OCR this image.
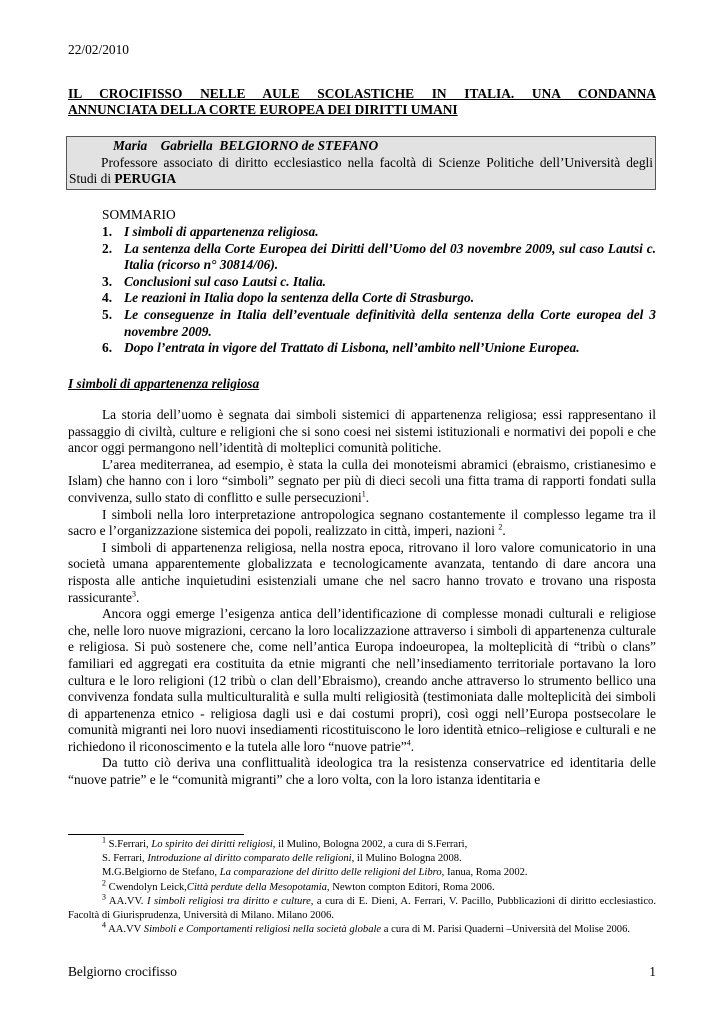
22/02/2010
IL CROCIFISSO NELLE AULE SCOLASTICHE IN ITALIA. UNA CONDANNA
ANNUNCIATA DELLA CORTE EUROPEA DEI DIRITTI UMANI
Maria    Gabriella  BELGIORNO de STEFANO
Professore associato di diritto ecclesiastico nella facoltà di Scienze Politiche dell’Università degli Studi di PERUGIA
SOMMARIO
1. I simboli di appartenenza religiosa.
2. La sentenza della Corte Europea dei Diritti dell’Uomo del 03 novembre 2009, sul caso Lautsi c. Italia (ricorso n° 30814/06).
3. Conclusioni sul caso Lautsi c. Italia.
4. Le reazioni in Italia dopo la sentenza della Corte di Strasburgo.
5. Le conseguenze in Italia dell’eventuale definitività della sentenza della Corte europea del 3 novembre 2009.
6. Dopo l’entrata in vigore del Trattato di Lisbona, nell’ambito nell’Unione Europea.
I simboli di appartenenza religiosa

La storia dell’uomo è segnata dai simboli sistemici di appartenenza religiosa; essi rappresentano il passaggio di civiltà, culture e religioni che si sono coesi nei sistemi istituzionali e normativi dei popoli e che ancor oggi permangono nell’identità di molteplici comunità politiche.

L’area mediterranea, ad esempio, è stata la culla dei monoteismi abramici (ebraismo, cristianesimo e Islam) che hanno con i loro “simboli” segnato per più di dieci secoli una fitta trama di rapporti fondati sulla convivenza, sullo stato di conflitto e sulle persecuzioni$^1$.

I simboli nella loro interpretazione antropologica segnano costantemente il complesso legame tra il sacro e l’organizzazione sistemica dei popoli, realizzato in città, imperi, nazioni $^2$.

I simboli di appartenenza religiosa, nella nostra epoca, ritrovano il loro valore comunicatorio in una società umana apparentemente globalizzata e tecnologicamente avanzata, tentando di dare ancora una risposta alle antiche inquietudini esistenziali umane che nel sacro hanno trovato e trovano una risposta rassicurante$^3$.

Ancora oggi emerge l’esigenza antica dell’identificazione di complesse monadi culturali e religiose che, nelle loro nuove migrazioni, cercano la loro localizzazione attraverso i simboli di appartenenza culturale e religiosa. Si può sostenere che, come nell’antica Europa indoeuropea, la molteplicità di “tribù o clans” familiari ed aggregati era costituita da etnie migranti che nell’insediamento territoriale portavano la loro cultura e le loro religioni (12 tribù o clan dell’Ebraismo), creando anche attraverso lo strumento bellico una convivenza fondata sulla multiculturalità e sulla multi religiosità (testimoniata dalle molteplicità dei simboli di appartenenza etnico - religiosa dagli usi e dai costumi propri), così oggi nell’Europa postsecolare le comunità migranti nei loro nuovi insediamenti ricostituiscono le loro identità etnico–religiose e culturali e ne richiedono il riconoscimento e la tutela alle loro “nuove patrie”$^4$.

Da tutto ciò deriva una conflittualità ideologica tra la resistenza conservatrice ed identitaria delle “nuove patrie” e le “comunità migranti” che a loro volta, con la loro istanza identitaria e

$^1$ S.Ferrari, Lo spirito dei diritti religiosi, il Mulino, Bologna 2002, a cura di S.Ferrari,

S. Ferrari, Introduzione al diritto comparato delle religioni, il Mulino Bologna 2008.

M.G.Belgiorno de Stefano, La comparazione del diritto delle religioni del Libro, Ianua, Roma 2002.

$^2$ Cwendolyn Leick,Città perdute della Mesopotamia, Newton compton Editori, Roma 2006.

$^3$ AA.VV. I simboli religiosi tra diritto e culture, a cura di E. Dieni, A. Ferrari, V. Pacillo, Pubblicazioni di diritto ecclesiastico. Facoltà di Giurisprudenza, Università di Milano. Milano 2006.

$^4$ AA.VV Simboli e Comportamenti religiosi nella società globale a cura di M. Parisi Quaderni –Università del Molise 2006.

Belgiorno crocifisso	1
